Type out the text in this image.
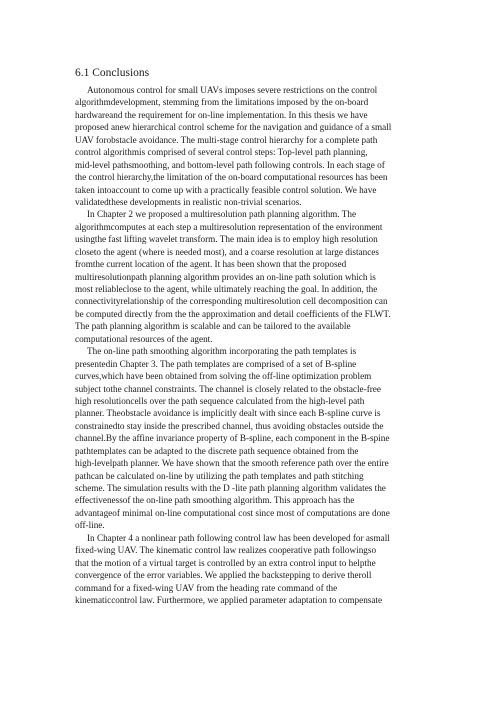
6.1 Conclusions
Autonomous control for small UAVs imposes severe restrictions on the control
algorithmdevelopment, stemming from the limitations imposed by the on-board
hardwareand the requirement for on-line implementation. In this thesis we have
proposed anew hierarchical control scheme for the navigation and guidance of a small
UAV forobstacle avoidance. The multi-stage control hierarchy for a complete path
control algorithmis comprised of several control steps: Top-level path planning,
mid-level pathsmoothing, and bottom-level path following controls. In each stage of
the control hierarchy,the limitation of the on-board computational resources has been
taken intoaccount to come up with a practically feasible control solution. We have
validatedthese developments in realistic non-trivial scenarios.
In Chapter 2 we proposed a multiresolution path planning algorithm. The
algorithmcomputes at each step a multiresolution representation of the environment
usingthe fast lifting wavelet transform. The main idea is to employ high resolution
closeto the agent (where is needed most), and a coarse resolution at large distances
fromthe current location of the agent. It has been shown that the proposed
multiresolutionpath planning algorithm provides an on-line path solution which is
most reliableclose to the agent, while ultimately reaching the goal. In addition, the
connectivityrelationship of the corresponding multiresolution cell decomposition can
be computed directly from the the approximation and detail coefficients of the FLWT.
The path planning algorithm is scalable and can be tailored to the available
computational resources of the agent.
The on-line path smoothing algorithm incorporating the path templates is
presentedin Chapter 3. The path templates are comprised of a set of B-spline
curves,which have been obtained from solving the off-line optimization problem
subject tothe channel constraints. The channel is closely related to the obstacle-free
high resolutioncells over the path sequence calculated from the high-level path
planner. Theobstacle avoidance is implicitly dealt with since each B-spline curve is
constrainedto stay inside the prescribed channel, thus avoiding obstacles outside the
channel.By the affine invariance property of B-spline, each component in the B-spine
pathtemplates can be adapted to the discrete path sequence obtained from the
high-levelpath planner. We have shown that the smooth reference path over the entire
pathcan be calculated on-line by utilizing the path templates and path stitching
scheme. The simulation results with the D -lite path planning algorithm validates the
effectivenessof the on-line path smoothing algorithm. This approach has the
advantageof minimal on-line computational cost since most of computations are done
off-line.
In Chapter 4 a nonlinear path following control law has been developed for asmall
fixed-wing UAV. The kinematic control law realizes cooperative path followingso
that the motion of a virtual target is controlled by an extra control input to helpthe
convergence of the error variables. We applied the backstepping to derive theroll
command for a fixed-wing UAV from the heading rate command of the
kinematiccontrol law. Furthermore, we applied parameter adaptation to compensate
